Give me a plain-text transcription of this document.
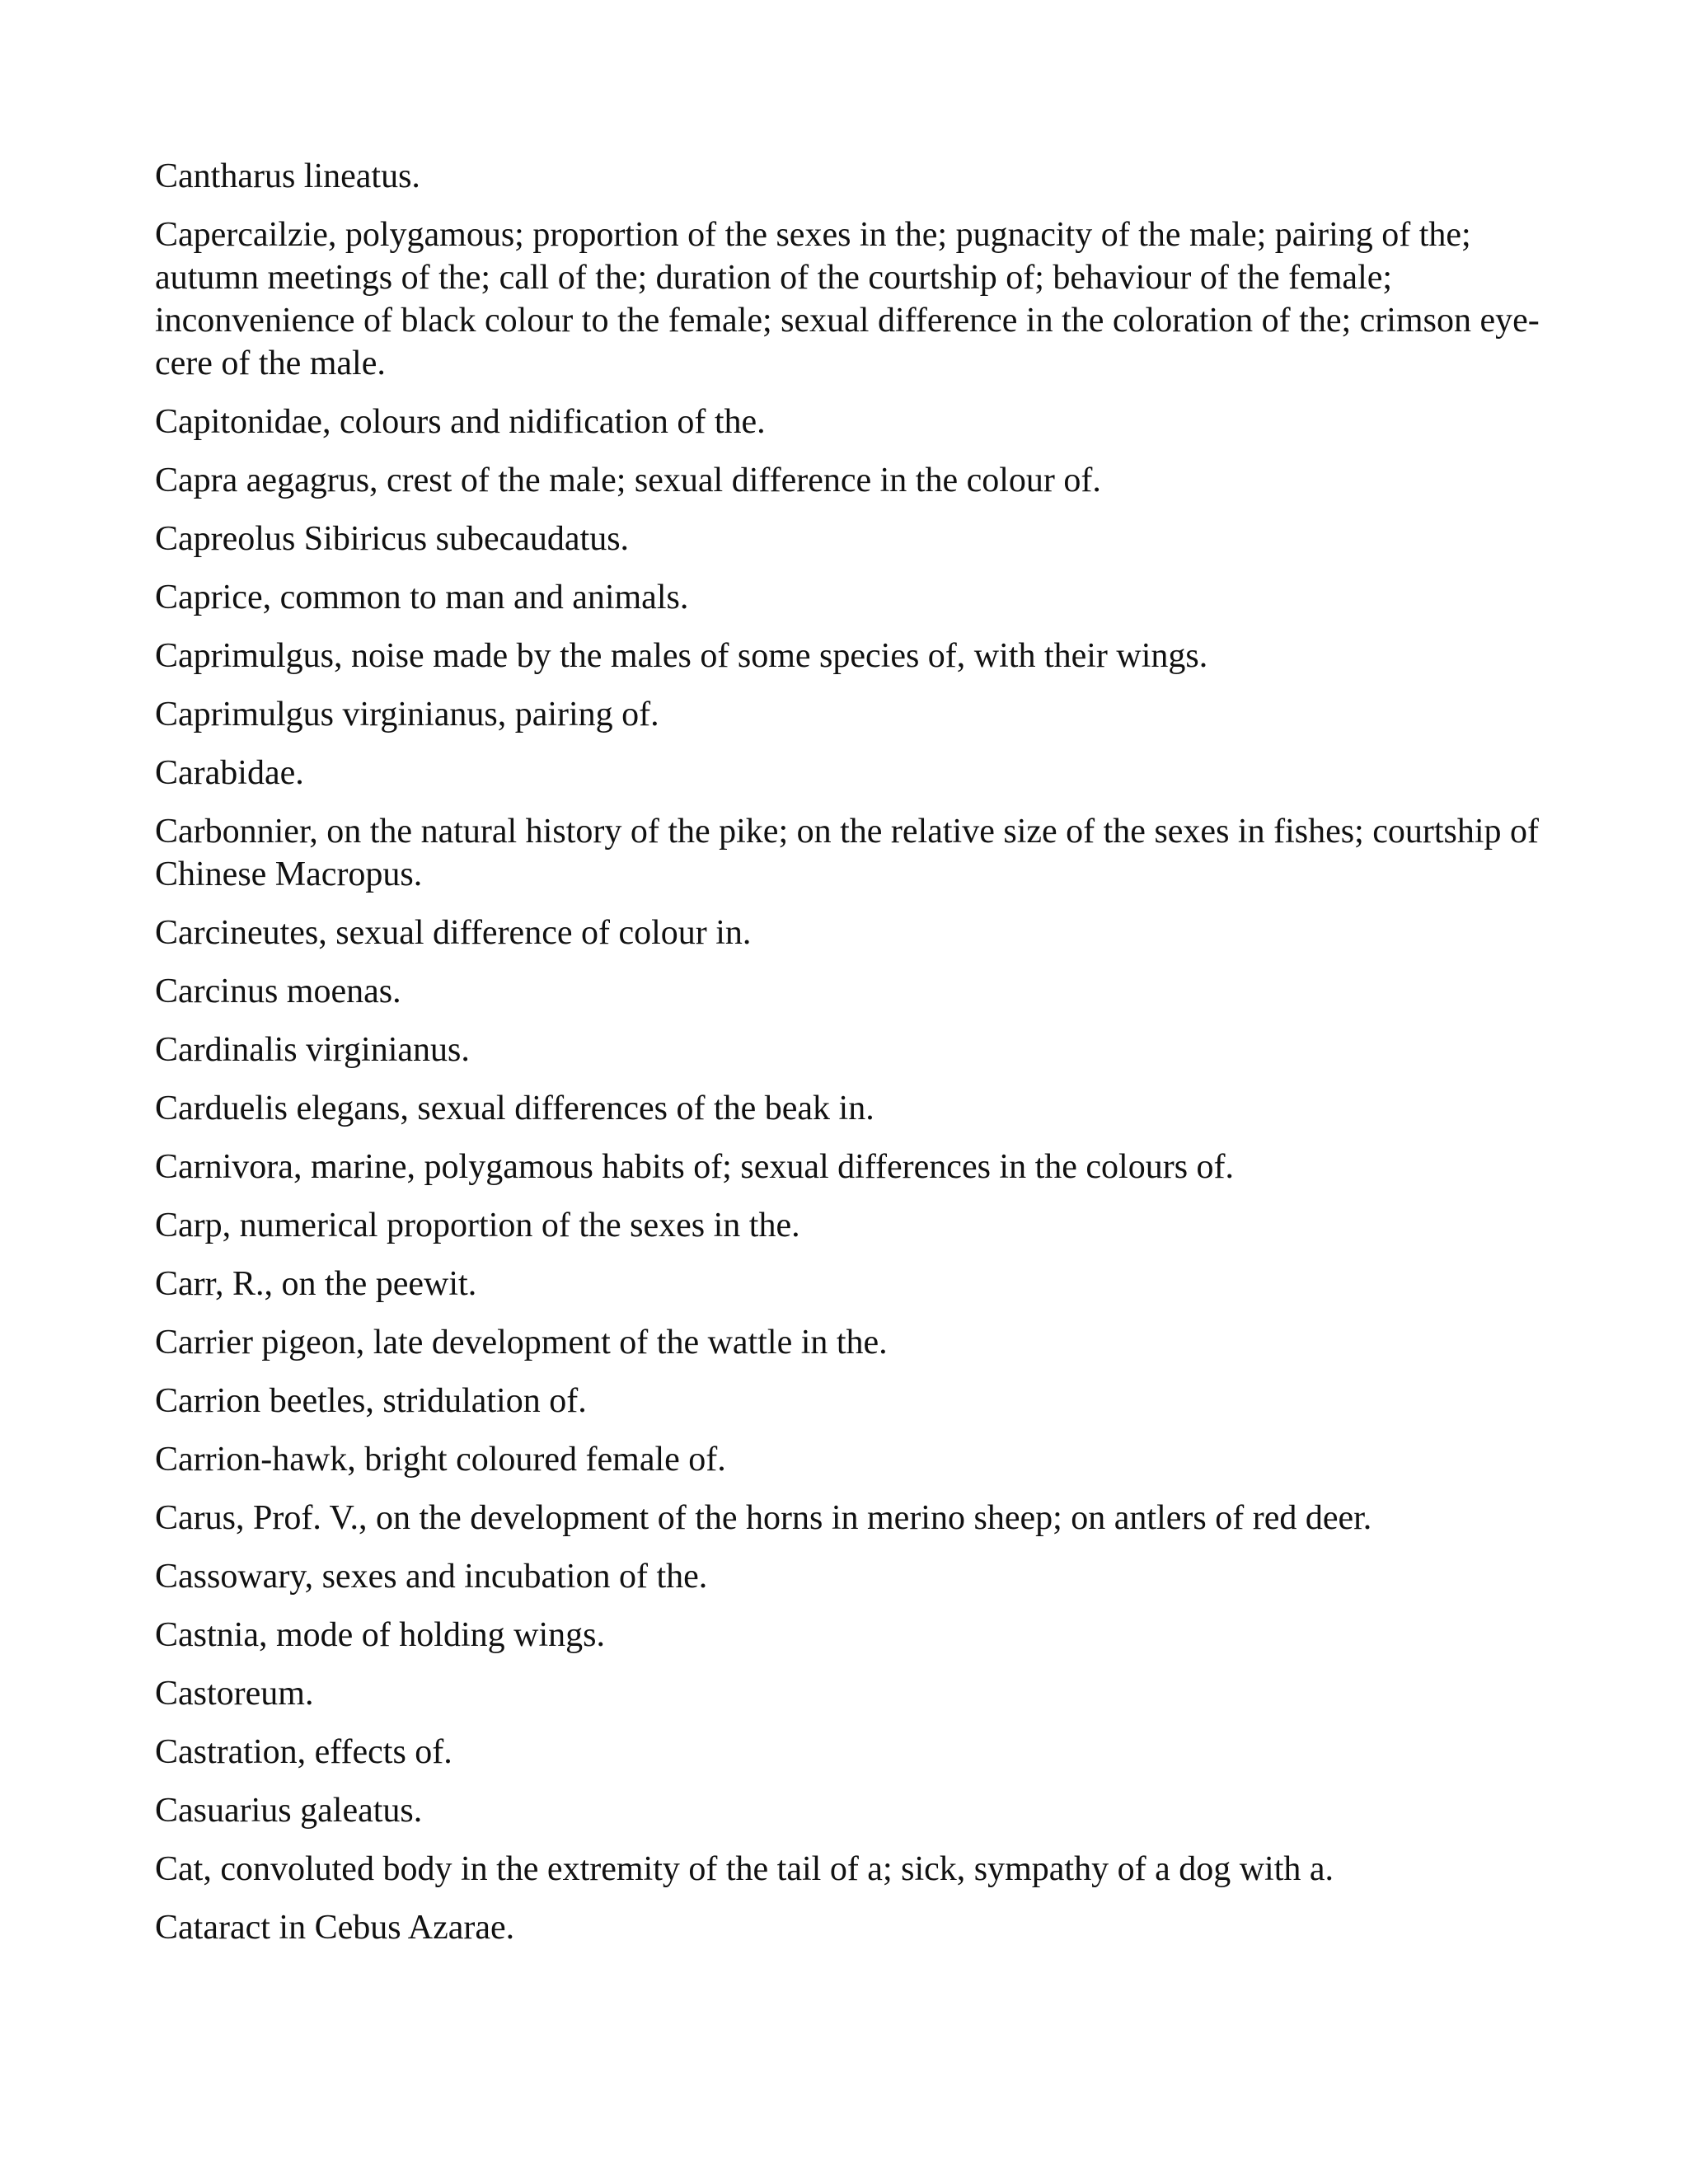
Cantharus lineatus.

Capercailzie, polygamous; proportion of the sexes in the; pugnacity of the male; pairing of the; autumn meetings of the; call of the; duration of the courtship of; behaviour of the female; inconvenience of black colour to the female; sexual difference in the coloration of the; crimson eye-cere of the male.

Capitonidae, colours and nidification of the.

Capra aegagrus, crest of the male; sexual difference in the colour of.

Capreolus Sibiricus subecaudatus.

Caprice, common to man and animals.

Caprimulgus, noise made by the males of some species of, with their wings.

Caprimulgus virginianus, pairing of.

Carabidae.

Carbonnier, on the natural history of the pike; on the relative size of the sexes in fishes; courtship of Chinese Macropus.

Carcineutes, sexual difference of colour in.

Carcinus moenas.

Cardinalis virginianus.

Carduelis elegans, sexual differences of the beak in.

Carnivora, marine, polygamous habits of; sexual differences in the colours of.

Carp, numerical proportion of the sexes in the.

Carr, R., on the peewit.

Carrier pigeon, late development of the wattle in the.

Carrion beetles, stridulation of.

Carrion-hawk, bright coloured female of.

Carus, Prof. V., on the development of the horns in merino sheep; on antlers of red deer.

Cassowary, sexes and incubation of the.

Castnia, mode of holding wings.

Castoreum.

Castration, effects of.

Casuarius galeatus.

Cat, convoluted body in the extremity of the tail of a; sick, sympathy of a dog with a.

Cataract in Cebus Azarae.
